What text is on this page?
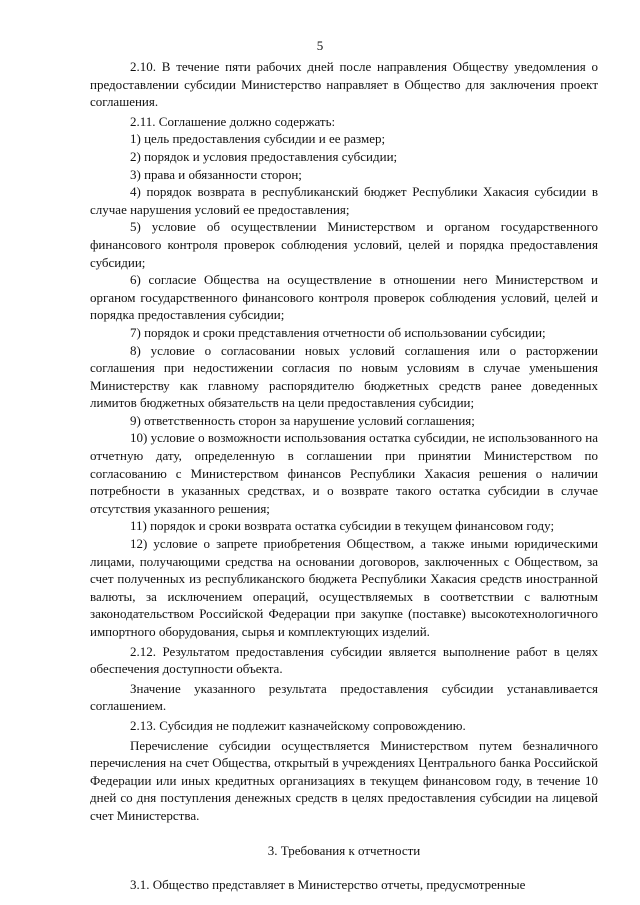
5

2.10. В течение пяти рабочих дней после направления Обществу уведомления о предоставлении субсидии Министерство направляет в Общество для заключения проект соглашения.

2.11. Соглашение должно содержать:

1) цель предоставления субсидии и ее размер;

2) порядок и условия предоставления субсидии;

3) права и обязанности сторон;

4) порядок возврата в республиканский бюджет Республики Хакасия субсидии в случае нарушения условий ее предоставления;

5) условие об осуществлении Министерством и органом государственного финансового контроля проверок соблюдения условий, целей и порядка предоставления субсидии;

6) согласие Общества на осуществление в отношении него Министерством и органом государственного финансового контроля проверок соблюдения условий, целей и порядка предоставления субсидии;

7) порядок и сроки представления отчетности об использовании субсидии;

8) условие о согласовании новых условий соглашения или о расторжении соглашения при недостижении согласия по новым условиям в случае уменьшения Министерству как главному распорядителю бюджетных средств ранее доведенных лимитов бюджетных обязательств на цели предоставления субсидии;

9) ответственность сторон за нарушение условий соглашения;

10) условие о возможности использования остатка субсидии, не использованного на отчетную дату, определенную в соглашении при принятии Министерством по согласованию с Министерством финансов Республики Хакасия решения о наличии потребности в указанных средствах, и о возврате такого остатка субсидии в случае отсутствия указанного решения;

11) порядок и сроки возврата остатка субсидии в текущем финансовом году;

12) условие о запрете приобретения Обществом, а также иными юридическими лицами, получающими средства на основании договоров, заключенных с Обществом, за счет полученных из республиканского бюджета Республики Хакасия средств иностранной валюты, за исключением операций, осуществляемых в соответствии с валютным законодательством Российской Федерации при закупке (поставке) высокотехнологичного импортного оборудования, сырья и комплектующих изделий.

2.12. Результатом предоставления субсидии является выполнение работ в целях обеспечения доступности объекта.

Значение указанного результата предоставления субсидии устанавливается соглашением.

2.13. Субсидия не подлежит казначейскому сопровождению.

Перечисление субсидии осуществляется Министерством путем безналичного перечисления на счет Общества, открытый в учреждениях Центрального банка Российской Федерации или иных кредитных организациях в текущем финансовом году, в течение 10 дней со дня поступления денежных средств в целях предоставления субсидии на лицевой счет Министерства.

3. Требования к отчетности

3.1. Общество представляет в Министерство отчеты, предусмотренные
